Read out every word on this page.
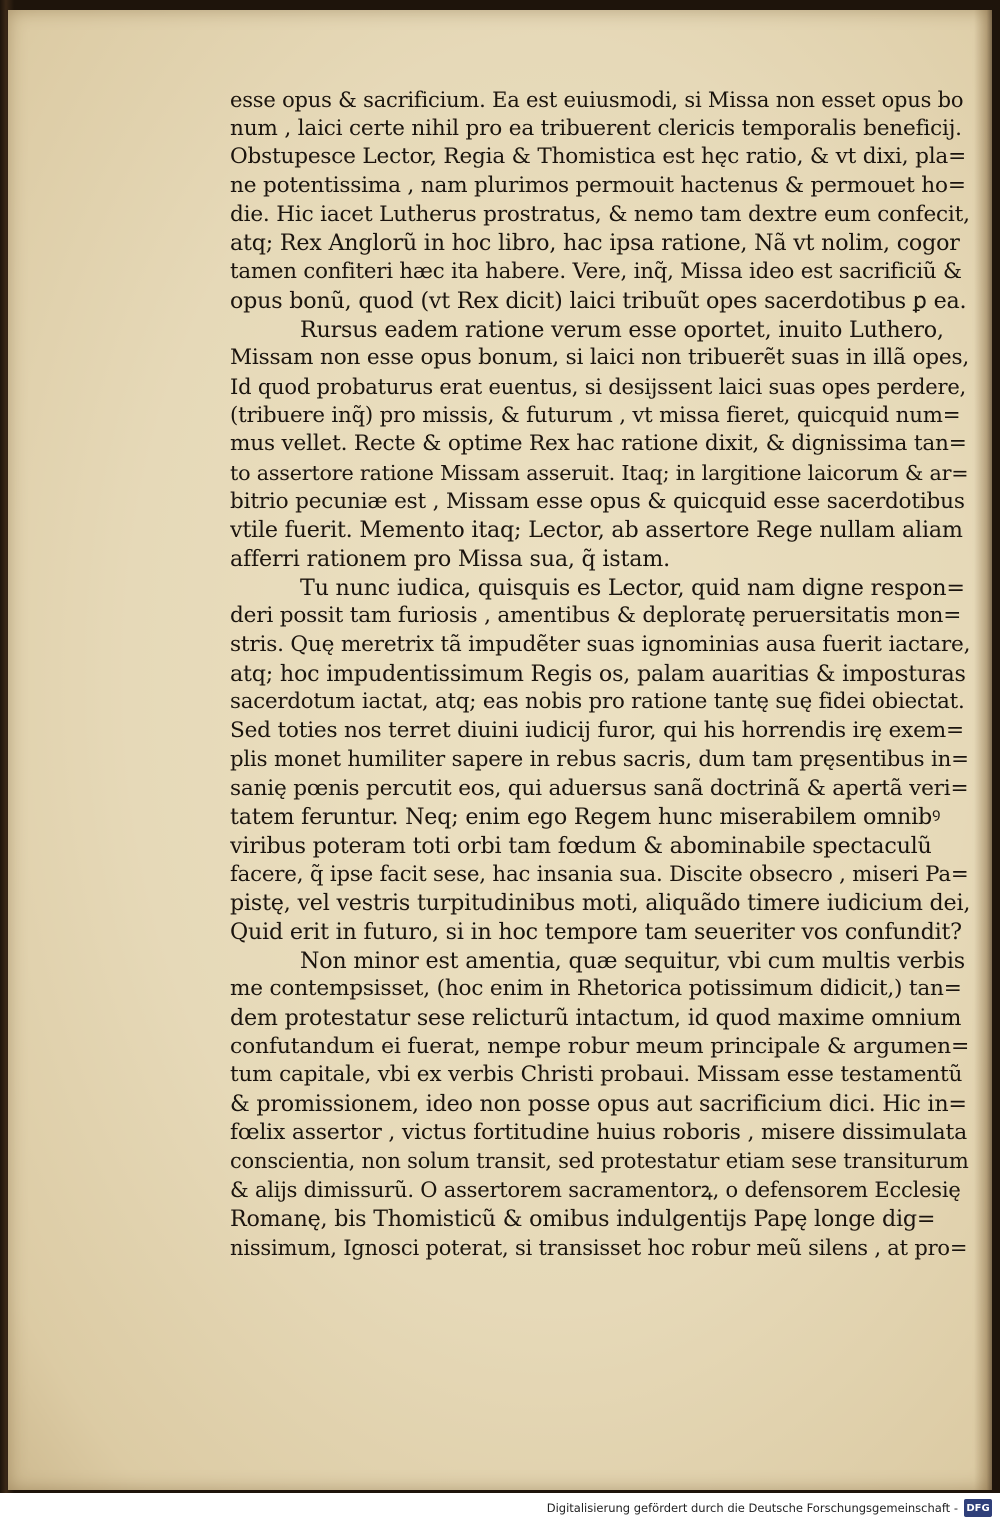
esse opus & sacrificium. Ea est euiusmodi, si Missa non esset opus bo
num , laici certe nihil pro ea tribuerent clericis temporalis beneficij.
Obstupesce Lector, Regia & Thomistica est hęc ratio, & vt dixi, pla=
ne potentissima , nam plurimos permouit hactenus & permouet ho=
die. Hic iacet Lutherus prostratus, & nemo tam dextre eum confecit,
atq; Rex Anglorũ in hoc libro, hac ipsa ratione, Nã vt nolim, cogor
tamen confiteri hæc ita habere. Vere, inq̃, Missa ideo est sacrificiũ &
opus bonũ, quod (vt Rex dicit) laici tribuũt opes sacerdotibus ꝑ ea.
Rursus eadem ratione verum esse oportet, inuito Luthero,
Missam non esse opus bonum, si laici non tribuerẽt suas in illã opes,
Id quod probaturus erat euentus, si desijssent laici suas opes perdere,
(tribuere inq̃) pro missis, & futurum , vt missa fieret, quicquid num=
mus vellet. Recte & optime Rex hac ratione dixit, & dignissima tan=
to assertore ratione Missam asseruit. Itaq; in largitione laicorum & ar=
bitrio pecuniæ est , Missam esse opus & quicquid esse sacerdotibus
vtile fuerit. Memento itaq; Lector, ab assertore Rege nullam aliam
afferri rationem pro Missa sua, q̃ istam.
Tu nunc iudica, quisquis es Lector, quid nam digne respon=
deri possit tam furiosis , amentibus & deploratę peruersitatis mon=
stris. Quę meretrix tã impudẽter suas ignominias ausa fuerit iactare,
atq; hoc impudentissimum Regis os, palam auaritias & imposturas
sacerdotum iactat, atq; eas nobis pro ratione tantę suę fidei obiectat.
Sed toties nos terret diuini iudicij furor, qui his horrendis irę exem=
plis monet humiliter sapere in rebus sacris, dum tam pręsentibus in=
sanię pœnis percutit eos, qui aduersus sanã doctrinã & apertã veri=
tatem feruntur. Neq; enim ego Regem hunc miserabilem omnibꝰ
viribus poteram toti orbi tam fœdum & abominabile spectaculũ
facere, q̃ ipse facit sese, hac insania sua. Discite obsecro , miseri Pa=
pistę, vel vestris turpitudinibus moti, aliquãdo timere iudicium dei,
Quid erit in futuro, si in hoc tempore tam seueriter vos confundit?
Non minor est amentia, quæ sequitur, vbi cum multis verbis
me contempsisset, (hoc enim in Rhetorica potissimum didicit,) tan=
dem protestatur sese relicturũ intactum, id quod maxime omnium
confutandum ei fuerat, nempe robur meum principale & argumen=
tum capitale, vbi ex verbis Christi probaui. Missam esse testamentũ
& promissionem, ideo non posse opus aut sacrificium dici. Hic in=
fœlix assertor , victus fortitudine huius roboris , misere dissimulata
conscientia, non solum transit, sed protestatur etiam sese transiturum
& alijs dimissurũ. O assertorem sacramentorꝝ, o defensorem Ecclesię
Romanę, bis Thomisticũ & omibus indulgentijs Papę longe dig=
nissimum, Ignosci poterat, si transisset hoc robur meũ silens , at pro=
Digitalisierung gefördert durch die Deutsche Forschungsgemeinschaft - DFG
